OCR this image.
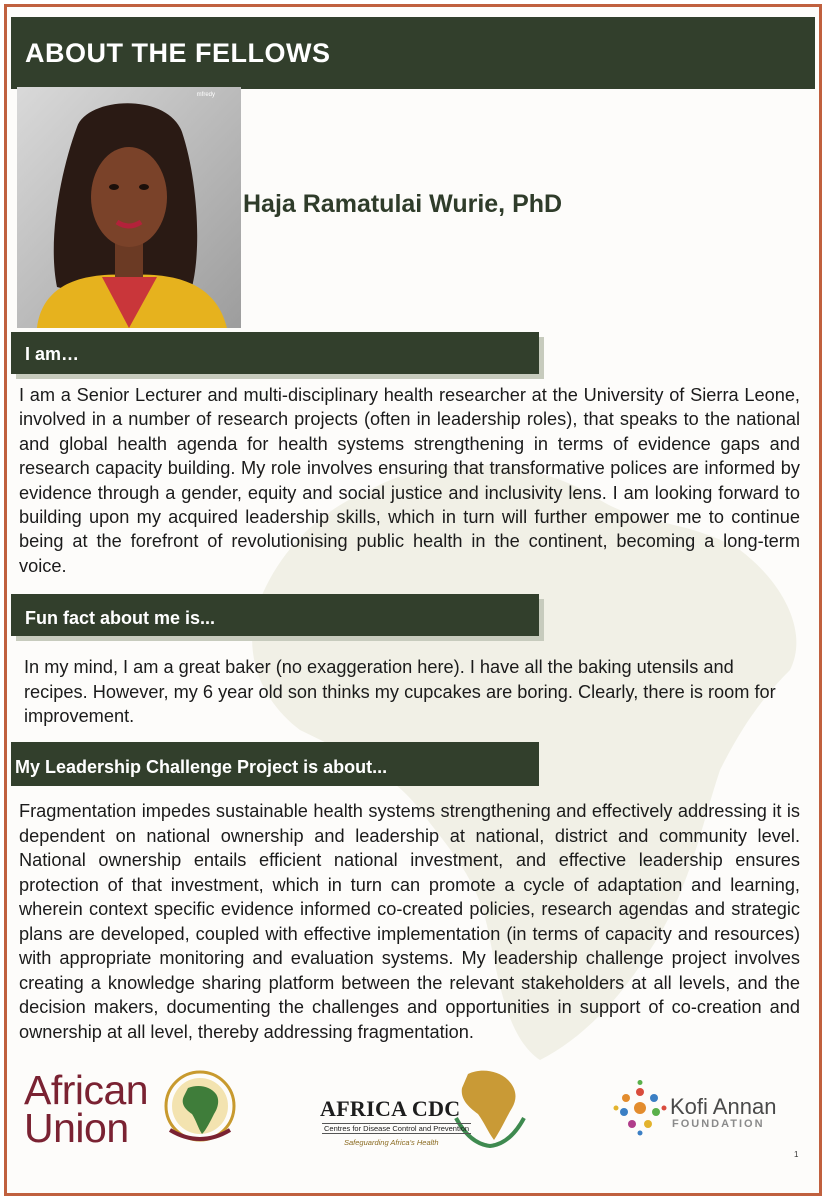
ABOUT THE FELLOWS
mfredy
Haja Ramatulai Wurie, PhD
I am…

I am a Senior Lecturer and multi-disciplinary health researcher at the University of Sierra Leone, involved in a number of research projects (often in leadership roles), that speaks to the national and global health agenda for health systems strengthening in terms of evidence gaps and research capacity building. My role involves ensuring that transformative polices are informed by evidence through a gender, equity and social justice and inclusivity lens. I am looking forward to building upon my acquired leadership skills, which in turn will further empower me to continue being at the forefront of revolutionising public health in the continent, becoming a long-term voice.

Fun fact about me is...

In my mind, I am a great baker (no exaggeration here). I have all the baking utensils and recipes. However, my 6 year old son thinks my cupcakes are boring. Clearly, there is room for improvement.

My Leadership Challenge Project is about...

Fragmentation impedes sustainable health systems strengthening and effectively addressing it is dependent on national ownership and leadership at national, district and community level. National ownership entails efficient national investment, and effective leadership ensures protection of that investment, which in turn can promote a cycle of adaptation and learning, wherein context specific evidence informed co-created policies, research agendas and strategic plans are developed, coupled with effective implementation (in terms of capacity and resources) with appropriate monitoring and evaluation systems. My leadership challenge project involves creating a knowledge sharing platform between the relevant stakeholders at all levels, and the decision makers, documenting the challenges and opportunities in support of co-creation and ownership at all level, thereby addressing fragmentation.

African
Union	AFRICA CDC
Centres for Disease Control and Prevention
Safeguarding Africa's Health
Kofi Annan
FOUNDATION
1
